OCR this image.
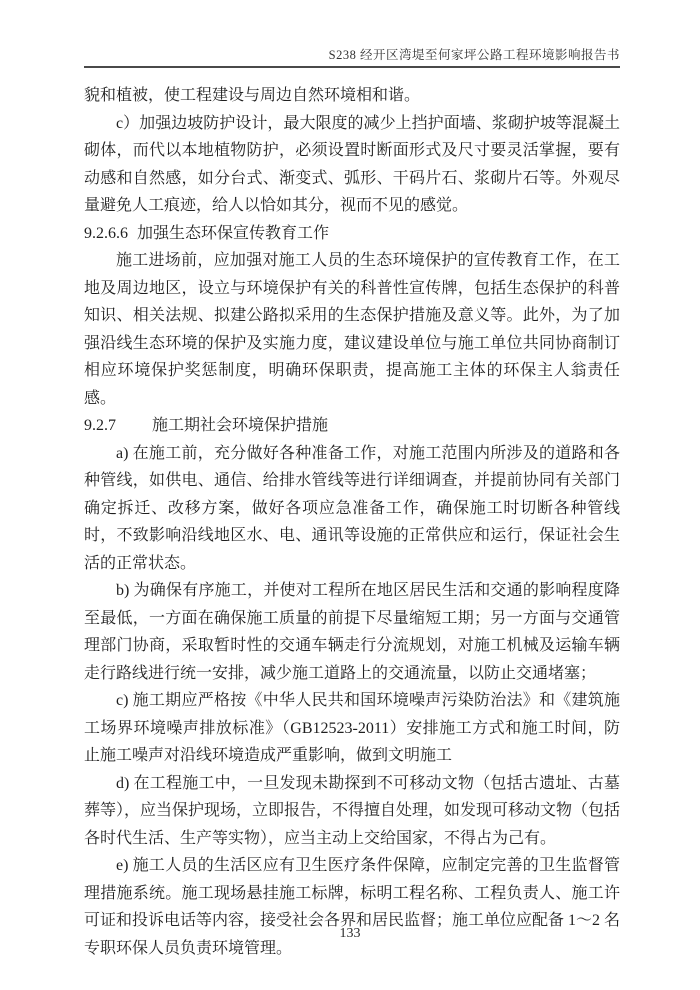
S238 经开区湾堤至何家坪公路工程环境影响报告书

貌和植被，使工程建设与周边自然环境相和谐。

c）加强边坡防护设计，最大限度的减少上挡护面墙、浆砌护坡等混凝土砌体，而代以本地植物防护，必须设置时断面形式及尺寸要灵活掌握，要有动感和自然感，如分台式、渐变式、弧形、干码片石、浆砌片石等。外观尽量避免人工痕迹，给人以恰如其分，视而不见的感觉。

9.2.6.6 加强生态环保宣传教育工作

施工进场前，应加强对施工人员的生态环境保护的宣传教育工作，在工地及周边地区，设立与环境保护有关的科普性宣传牌，包括生态保护的科普知识、相关法规、拟建公路拟采用的生态保护措施及意义等。此外，为了加强沿线生态环境的保护及实施力度，建议建设单位与施工单位共同协商制订相应环境保护奖惩制度，明确环保职责，提高施工主体的环保主人翁责任感。

9.2.7 施工期社会环境保护措施

a) 在施工前，充分做好各种准备工作，对施工范围内所涉及的道路和各种管线，如供电、通信、给排水管线等进行详细调查，并提前协同有关部门确定拆迁、改移方案，做好各项应急准备工作，确保施工时切断各种管线时，不致影响沿线地区水、电、通讯等设施的正常供应和运行，保证社会生活的正常状态。

b) 为确保有序施工，并使对工程所在地区居民生活和交通的影响程度降至最低，一方面在确保施工质量的前提下尽量缩短工期；另一方面与交通管理部门协商，采取暂时性的交通车辆走行分流规划，对施工机械及运输车辆走行路线进行统一安排，减少施工道路上的交通流量，以防止交通堵塞；

c) 施工期应严格按《中华人民共和国环境噪声污染防治法》和《建筑施工场界环境噪声排放标准》（GB12523-2011）安排施工方式和施工时间，防止施工噪声对沿线环境造成严重影响，做到文明施工

d) 在工程施工中，一旦发现未勘探到不可移动文物（包括古遗址、古墓葬等），应当保护现场，立即报告，不得擅自处理，如发现可移动文物（包括各时代生活、生产等实物），应当主动上交给国家，不得占为己有。

e) 施工人员的生活区应有卫生医疗条件保障，应制定完善的卫生监督管理措施系统。施工现场悬挂施工标牌，标明工程名称、工程负责人、施工许可证和投诉电话等内容，接受社会各界和居民监督；施工单位应配备 1～2 名专职环保人员负责环境管理。

133
